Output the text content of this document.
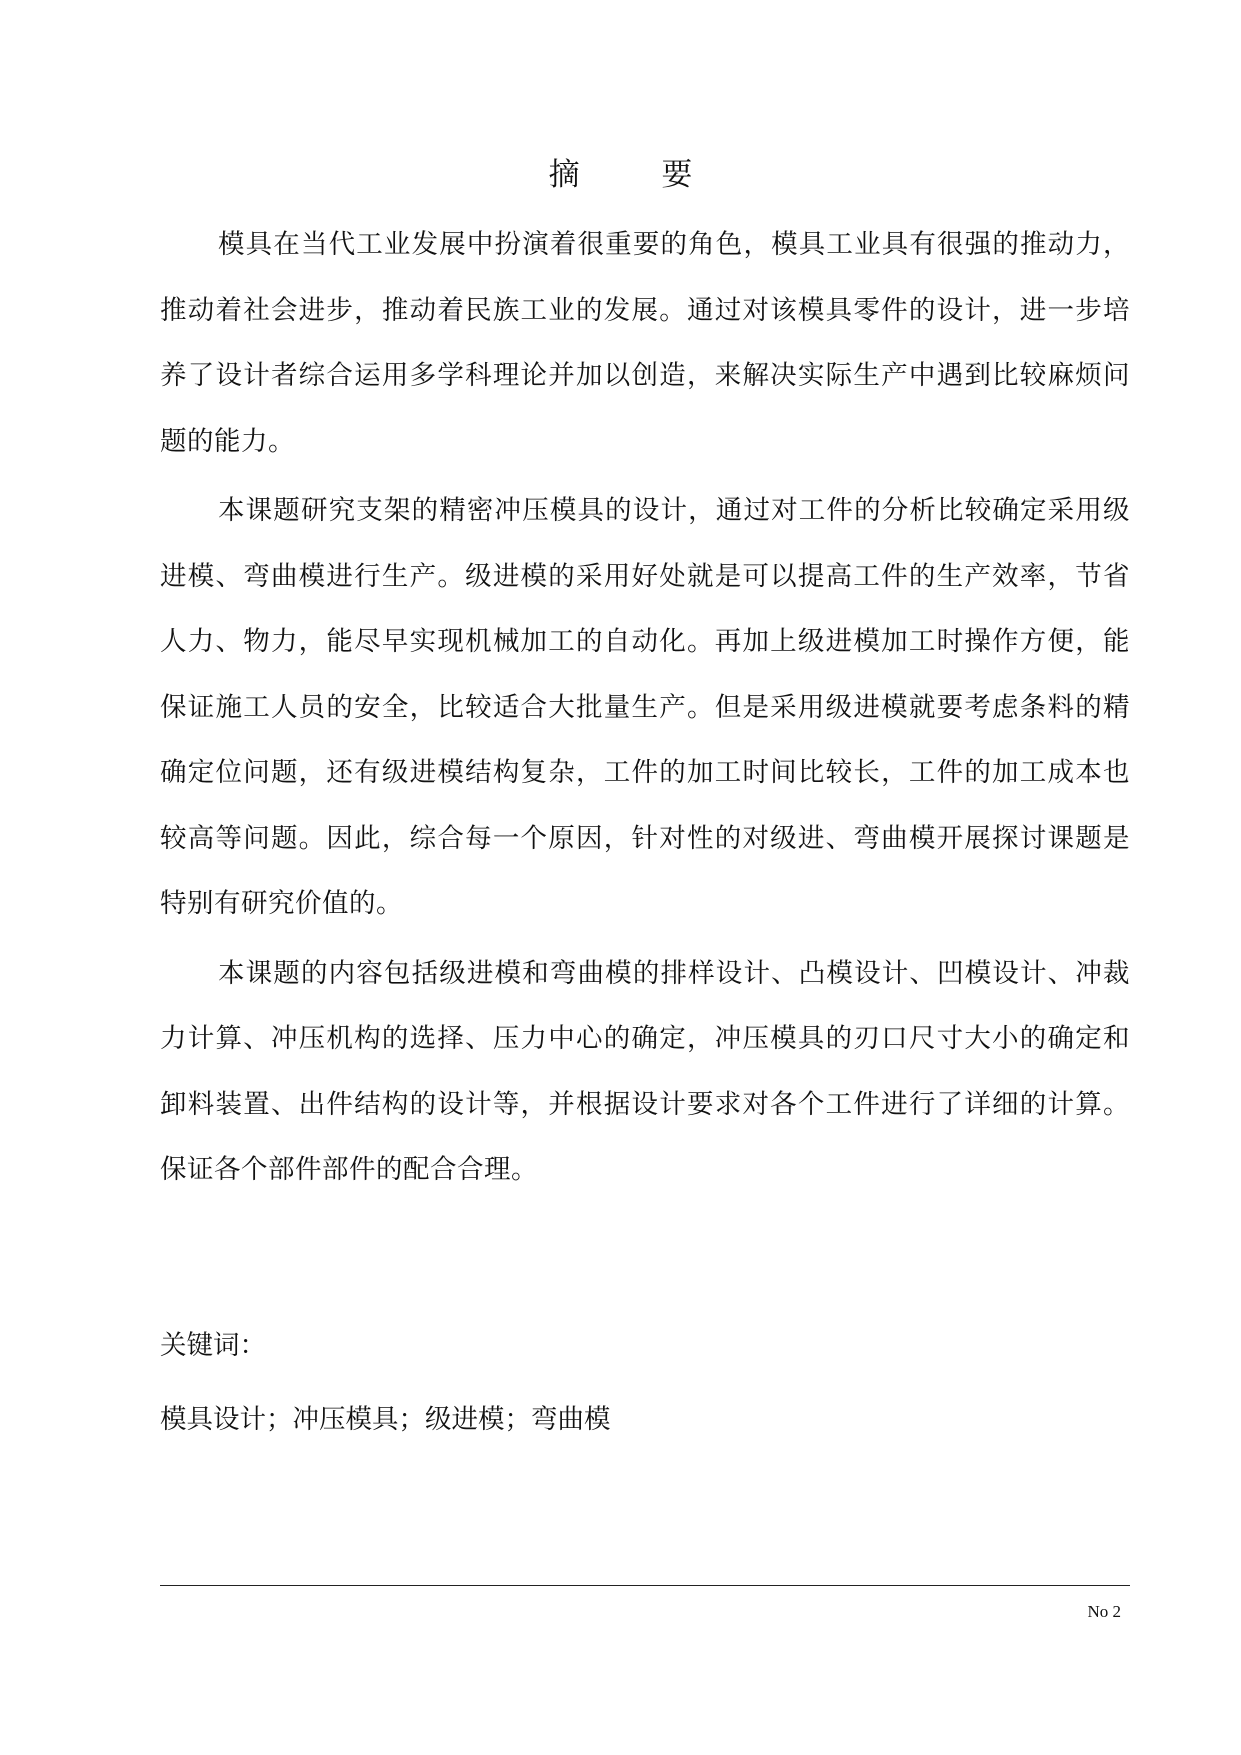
摘 要

模具在当代工业发展中扮演着很重要的角色，模具工业具有很强的推动力，推动着社会进步，推动着民族工业的发展。通过对该模具零件的设计，进一步培养了设计者综合运用多学科理论并加以创造，来解决实际生产中遇到比较麻烦问题的能力。

本课题研究支架的精密冲压模具的设计，通过对工件的分析比较确定采用级进模、弯曲模进行生产。级进模的采用好处就是可以提高工件的生产效率，节省人力、物力，能尽早实现机械加工的自动化。再加上级进模加工时操作方便，能保证施工人员的安全，比较适合大批量生产。但是采用级进模就要考虑条料的精确定位问题，还有级进模结构复杂，工件的加工时间比较长，工件的加工成本也较高等问题。因此，综合每一个原因，针对性的对级进、弯曲模开展探讨课题是特别有研究价值的。

本课题的内容包括级进模和弯曲模的排样设计、凸模设计、凹模设计、冲裁力计算、冲压机构的选择、压力中心的确定，冲压模具的刃口尺寸大小的确定和卸料装置、出件结构的设计等，并根据设计要求对各个工件进行了详细的计算。保证各个部件部件的配合合理。

关键词：

模具设计；冲压模具；级进模；弯曲模

No 2
